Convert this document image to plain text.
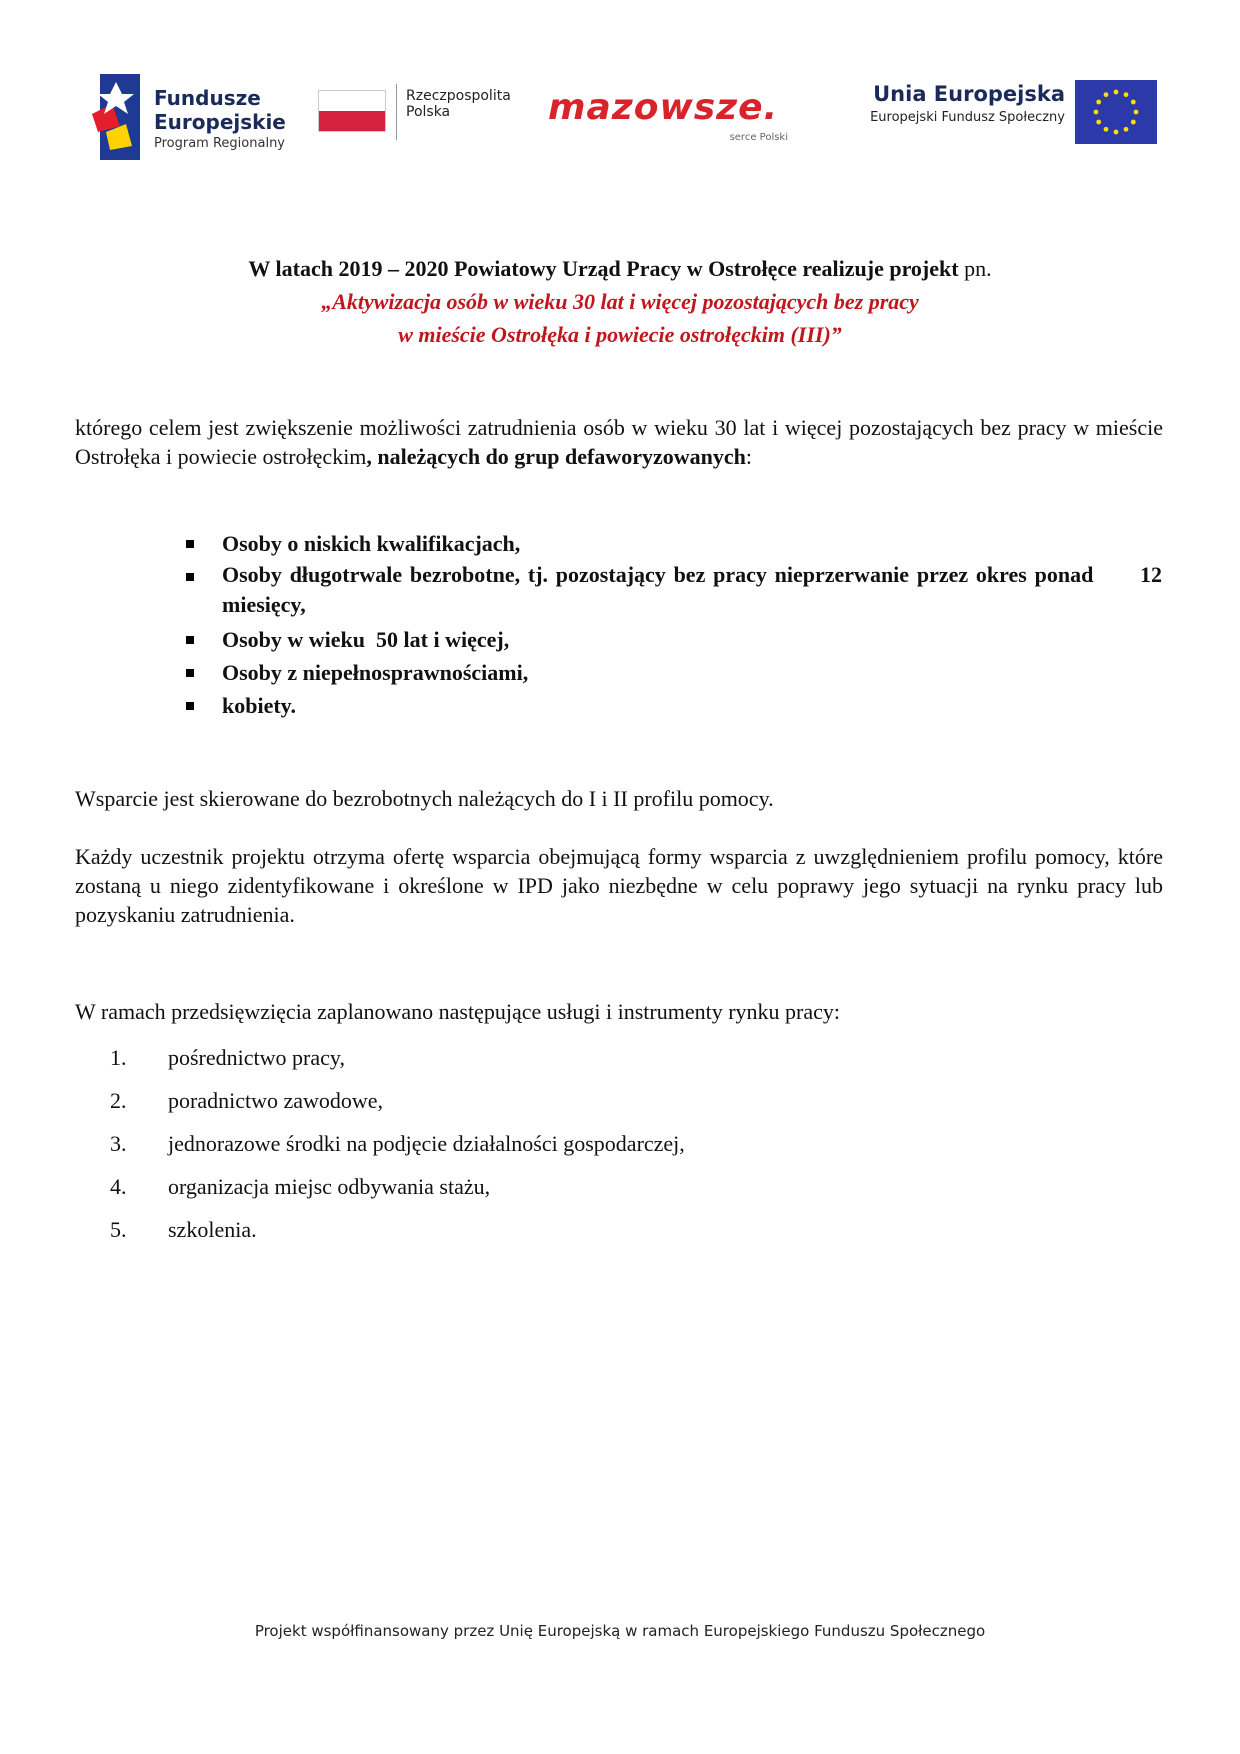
Fundusze
Europejskie
Program Regionalny
Rzeczpospolita
Polska	mazowsze.
serce Polski
Unia Europejska
Europejski Fundusz Społeczny
W latach 2019 – 2020 Powiatowy Urząd Pracy w Ostrołęce realizuje projekt pn.
„Aktywizacja osób w wieku 30 lat i więcej pozostających bez pracy
w mieście Ostrołęka i powiecie ostrołęckim (III)”
którego celem jest zwiększenie możliwości zatrudnienia osób w wieku 30 lat i więcej pozostających bez pracy w mieście Ostrołęka i powiecie ostrołęckim, należących do grup defaworyzowanych:
Osoby o niskich kwalifikacjach,
Osoby długotrwale bezrobotne, tj. pozostający bez pracy nieprzerwanie przez okres ponad      12 miesięcy,
Osoby w wieku  50 lat i więcej,
Osoby z niepełnosprawnościami,
kobiety.
Wsparcie jest skierowane do bezrobotnych należących do I i II profilu pomocy.
Każdy uczestnik projektu otrzyma ofertę wsparcia obejmującą formy wsparcia z uwzględnieniem profilu pomocy, które zostaną u niego zidentyfikowane i określone w IPD jako niezbędne w celu poprawy jego sytuacji na rynku pracy lub pozyskaniu zatrudnienia.
W ramach przedsięwzięcia zaplanowano następujące usługi i instrumenty rynku pracy:
1. pośrednictwo pracy,
2. poradnictwo zawodowe,
3. jednorazowe środki na podjęcie działalności gospodarczej,
4. organizacja miejsc odbywania stażu,
5. szkolenia.
Projekt współfinansowany przez Unię Europejską w ramach Europejskiego Funduszu Społecznego
